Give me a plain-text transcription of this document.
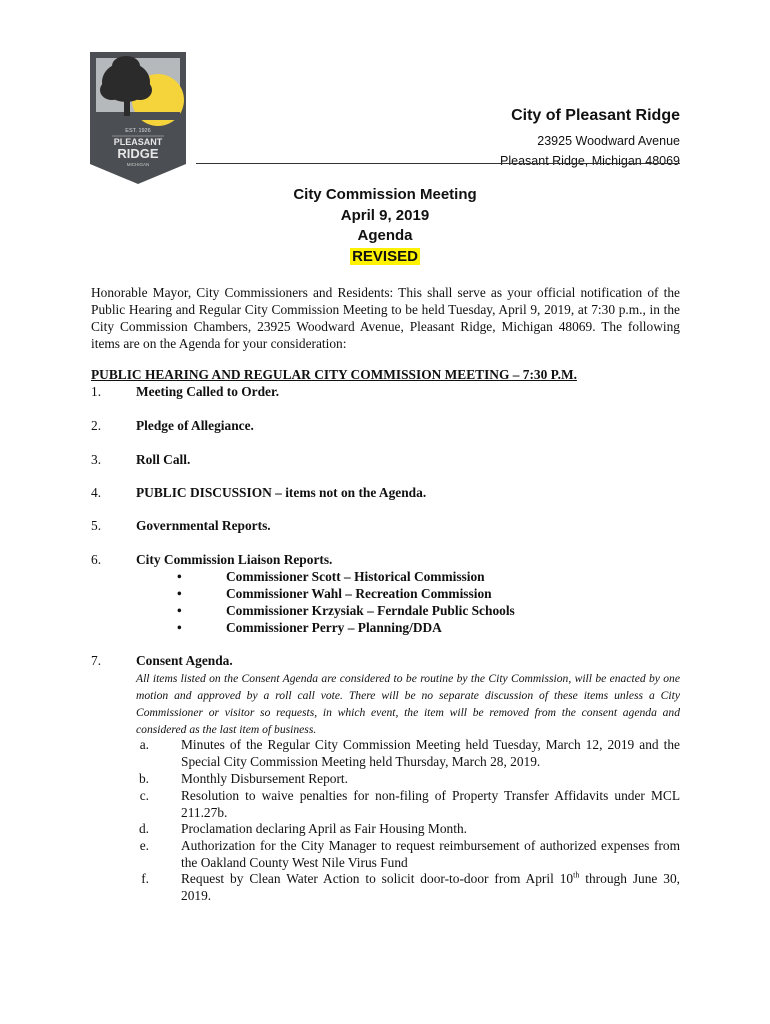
EST. 1926
PLEASANT
RIDGE
MICHIGAN
City of Pleasant Ridge
23925 Woodward Avenue
Pleasant Ridge, Michigan 48069
City Commission Meeting
April 9, 2019
Agenda
REVISED
Honorable Mayor, City Commissioners and Residents: This shall serve as your official notification of the Public Hearing and Regular City Commission Meeting to be held Tuesday, April 9, 2019, at 7:30 p.m., in the City Commission Chambers, 23925 Woodward Avenue, Pleasant Ridge, Michigan 48069. The following items are on the Agenda for your consideration:
PUBLIC HEARING AND REGULAR CITY COMMISSION MEETING – 7:30 P.M.
1.	Meeting Called to Order.
2.	Pledge of Allegiance.
3.	Roll Call.
4.	PUBLIC DISCUSSION – items not on the Agenda.
5.	Governmental Reports.
6.	City Commission Liaison Reports.
•	Commissioner Scott – Historical Commission
•	Commissioner Wahl – Recreation Commission
•	Commissioner Krzysiak – Ferndale Public Schools
•	Commissioner Perry – Planning/DDA
7.	Consent Agenda.
All items listed on the Consent Agenda are considered to be routine by the City Commission, will be enacted by one motion and approved by a roll call vote. There will be no separate discussion of these items unless a City Commissioner or visitor so requests, in which event, the item will be removed from the consent agenda and considered as the last item of business.
a. Minutes of the Regular City Commission Meeting held Tuesday, March 12, 2019 and the Special City Commission Meeting held Thursday, March 28, 2019.
b. Monthly Disbursement Report.
c. Resolution to waive penalties for non-filing of Property Transfer Affidavits under MCL 211.27b.
d. Proclamation declaring April as Fair Housing Month.
e. Authorization for the City Manager to request reimbursement of authorized expenses from the Oakland County West Nile Virus Fund
f. Request by Clean Water Action to solicit door-to-door from April 10th through June 30, 2019.
